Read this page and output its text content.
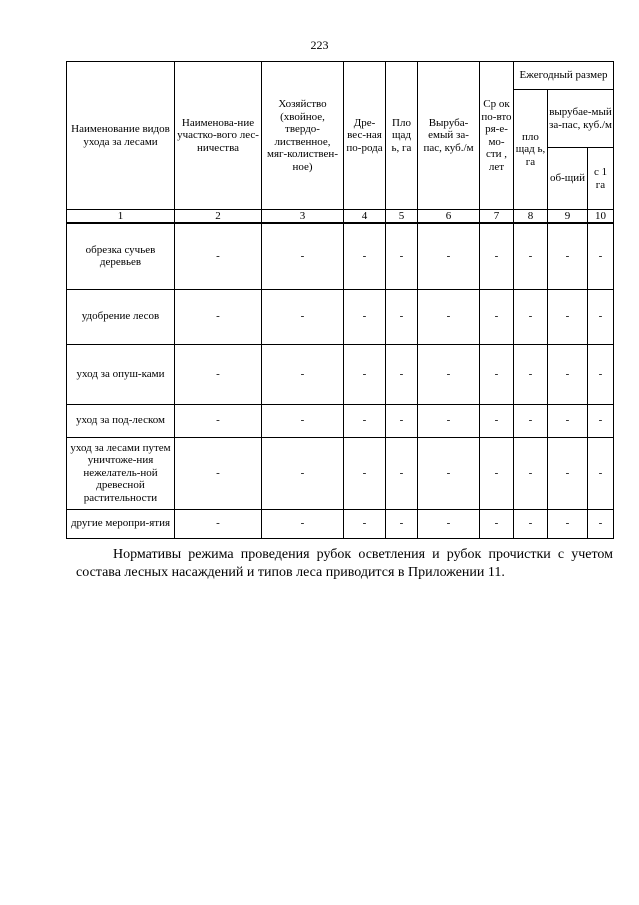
223
Наименование видов ухода за лесами	Наименова-ние участко-вого лес-ничества	Хозяйство (хвойное, твердо-лиственное, мяг-колиствен-ное)	Дре-вес-ная по-рода	Пло щад ь, га	Выруба-емый за-пас, куб./м	Ср ок по-вто ря-е-мо-сти , лет	Ежегодный размер		
							пло щад ь, га	вырубае-мый за-пас, куб./м	
								об-щий	с 1 га
1	2	3	4	5	6	7	8	9	10
обрезка сучьев деревьев	-	-	-	-	-	-	-	-	-
удобрение лесов	-	-	-	-	-	-	-	-	-
уход за опуш-ками	-	-	-	-	-	-	-	-	-
уход за под-леском	-	-	-	-	-	-	-	-	-
уход за лесами путем уничтоже-ния нежелатель-ной древесной растительности	-	-	-	-	-	-	-	-	-
другие меропри-ятия	-	-	-	-	-	-	-	-	-

Нормативы режима проведения рубок осветления и рубок прочистки с учетом состава лесных насаждений и типов леса приводится в Приложении 11.
